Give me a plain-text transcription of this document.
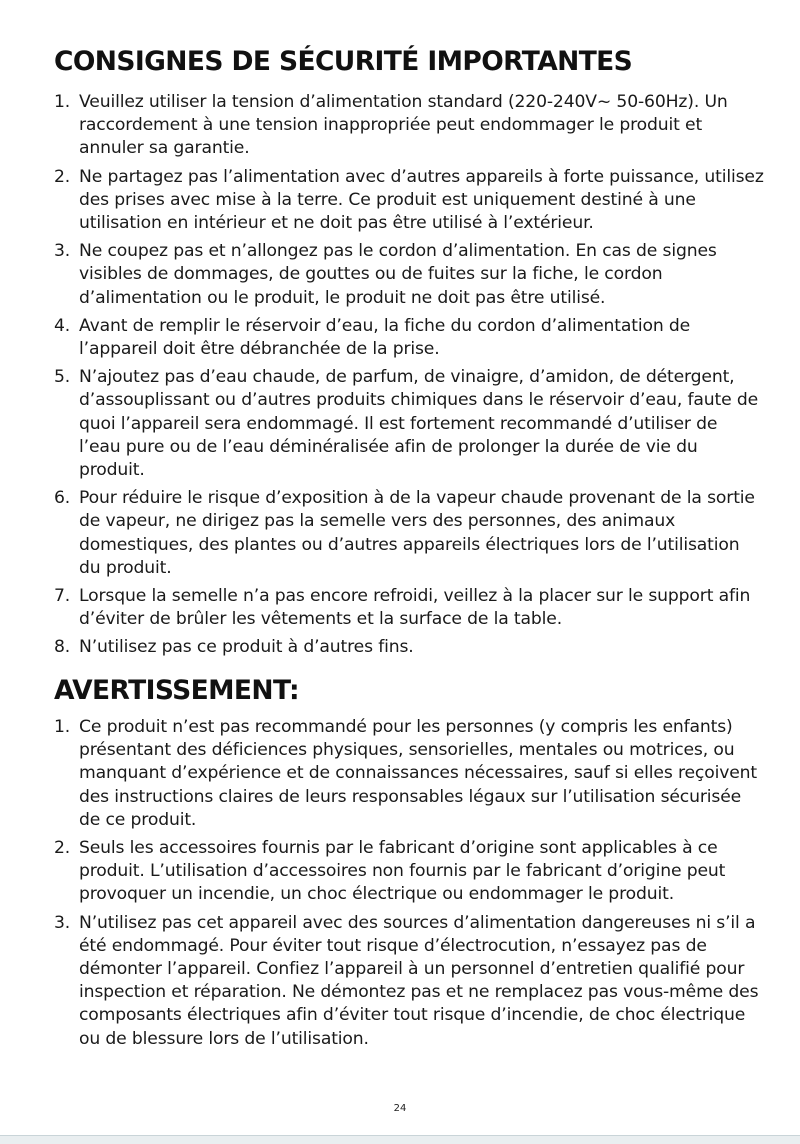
CONSIGNES DE SÉCURITÉ IMPORTANTES
1. Veuillez utiliser la tension d’alimentation standard (220-240V~ 50-60Hz). Un raccordement à une tension inappropriée peut endommager le produit et annuler sa garantie.
2. Ne partagez pas l’alimentation avec d’autres appareils à forte puissance, utilisez des prises avec mise à la terre. Ce produit est uniquement destiné à une utilisation en intérieur et ne doit pas être utilisé à l’extérieur.
3. Ne coupez pas et n’allongez pas le cordon d’alimentation. En cas de signes visibles de dommages, de gouttes ou de fuites sur la fiche, le cordon d’alimentation ou le produit, le produit ne doit pas être utilisé.
4. Avant de remplir le réservoir d’eau, la fiche du cordon d’alimentation de l’appareil doit être débranchée de la prise.
5. N’ajoutez pas d’eau chaude, de parfum, de vinaigre, d’amidon, de détergent, d’assouplissant ou d’autres produits chimiques dans le réservoir d’eau, faute de quoi l’appareil sera endommagé. Il est fortement recommandé d’utiliser de l’eau pure ou de l’eau déminéralisée afin de prolonger la durée de vie du produit.
6. Pour réduire le risque d’exposition à de la vapeur chaude provenant de la sortie de vapeur, ne dirigez pas la semelle vers des personnes, des animaux domestiques, des plantes ou d’autres appareils électriques lors de l’utilisation du produit.
7. Lorsque la semelle n’a pas encore refroidi, veillez à la placer sur le support afin d’éviter de brûler les vêtements et la surface de la table.
8. N’utilisez pas ce produit à d’autres fins.
AVERTISSEMENT:
1. Ce produit n’est pas recommandé pour les personnes (y compris les enfants) présentant des déficiences physiques, sensorielles, mentales ou motrices, ou manquant d’expérience et de connaissances nécessaires, sauf si elles reçoivent des instructions claires de leurs responsables légaux sur l’utilisation sécurisée de ce produit.
2. Seuls les accessoires fournis par le fabricant d’origine sont applicables à ce produit. L’utilisation d’accessoires non fournis par le fabricant d’origine peut provoquer un incendie, un choc électrique ou endommager le produit.
3. N’utilisez pas cet appareil avec des sources d’alimentation dangereuses ni s’il a été endommagé. Pour éviter tout risque d’électrocution, n’essayez pas de démonter l’appareil. Confiez l’appareil à un personnel d’entretien qualifié pour inspection et réparation. Ne démontez pas et ne remplacez pas vous-même des composants électriques afin d’éviter tout risque d’incendie, de choc électrique ou de blessure lors de l’utilisation.
24
